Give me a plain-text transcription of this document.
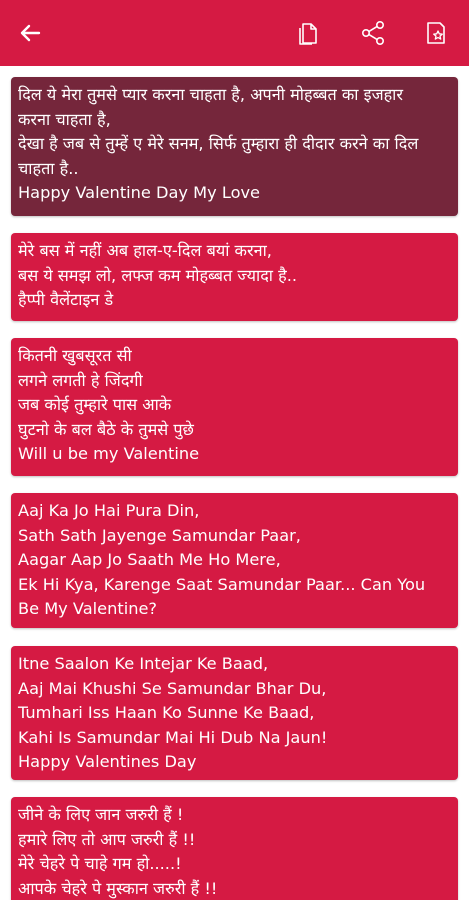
दिल ये मेरा तुमसे प्यार करना चाहता है, अपनी मोहब्बत का इजहार
करना चाहता है,
देखा है जब से तुम्हें ए मेरे सनम, सिर्फ तुम्हारा ही दीदार करने का दिल
चाहता है..
Happy Valentine Day My Love
मेरे बस में नहीं अब हाल-ए-दिल बयां करना,
बस ये समझ लो, लफ्ज कम मोहब्बत ज्यादा है..
हैप्पी वैलेंटाइन डे
कितनी खुबसूरत सी
लगने लगती हे जिंदगी
जब कोई तुम्हारे पास आके
घुटनो के बल बैठे के तुमसे पुछे
Will u be my Valentine
Aaj Ka Jo Hai Pura Din,
Sath Sath Jayenge Samundar Paar,
Aagar Aap Jo Saath Me Ho Mere,
Ek Hi Kya, Karenge Saat Samundar Paar... Can You
Be My Valentine?
Itne Saalon Ke Intejar Ke Baad,
Aaj Mai Khushi Se Samundar Bhar Du,
Tumhari Iss Haan Ko Sunne Ke Baad,
Kahi Is Samundar Mai Hi Dub Na Jaun!
Happy Valentines Day
जीने के लिए जान जरुरी हैं !
हमारे लिए तो आप जरुरी हैं !!
मेरे चेहरे पे चाहे गम हो.....!
आपके चेहरे पे मुस्कान जरुरी हैं !!
